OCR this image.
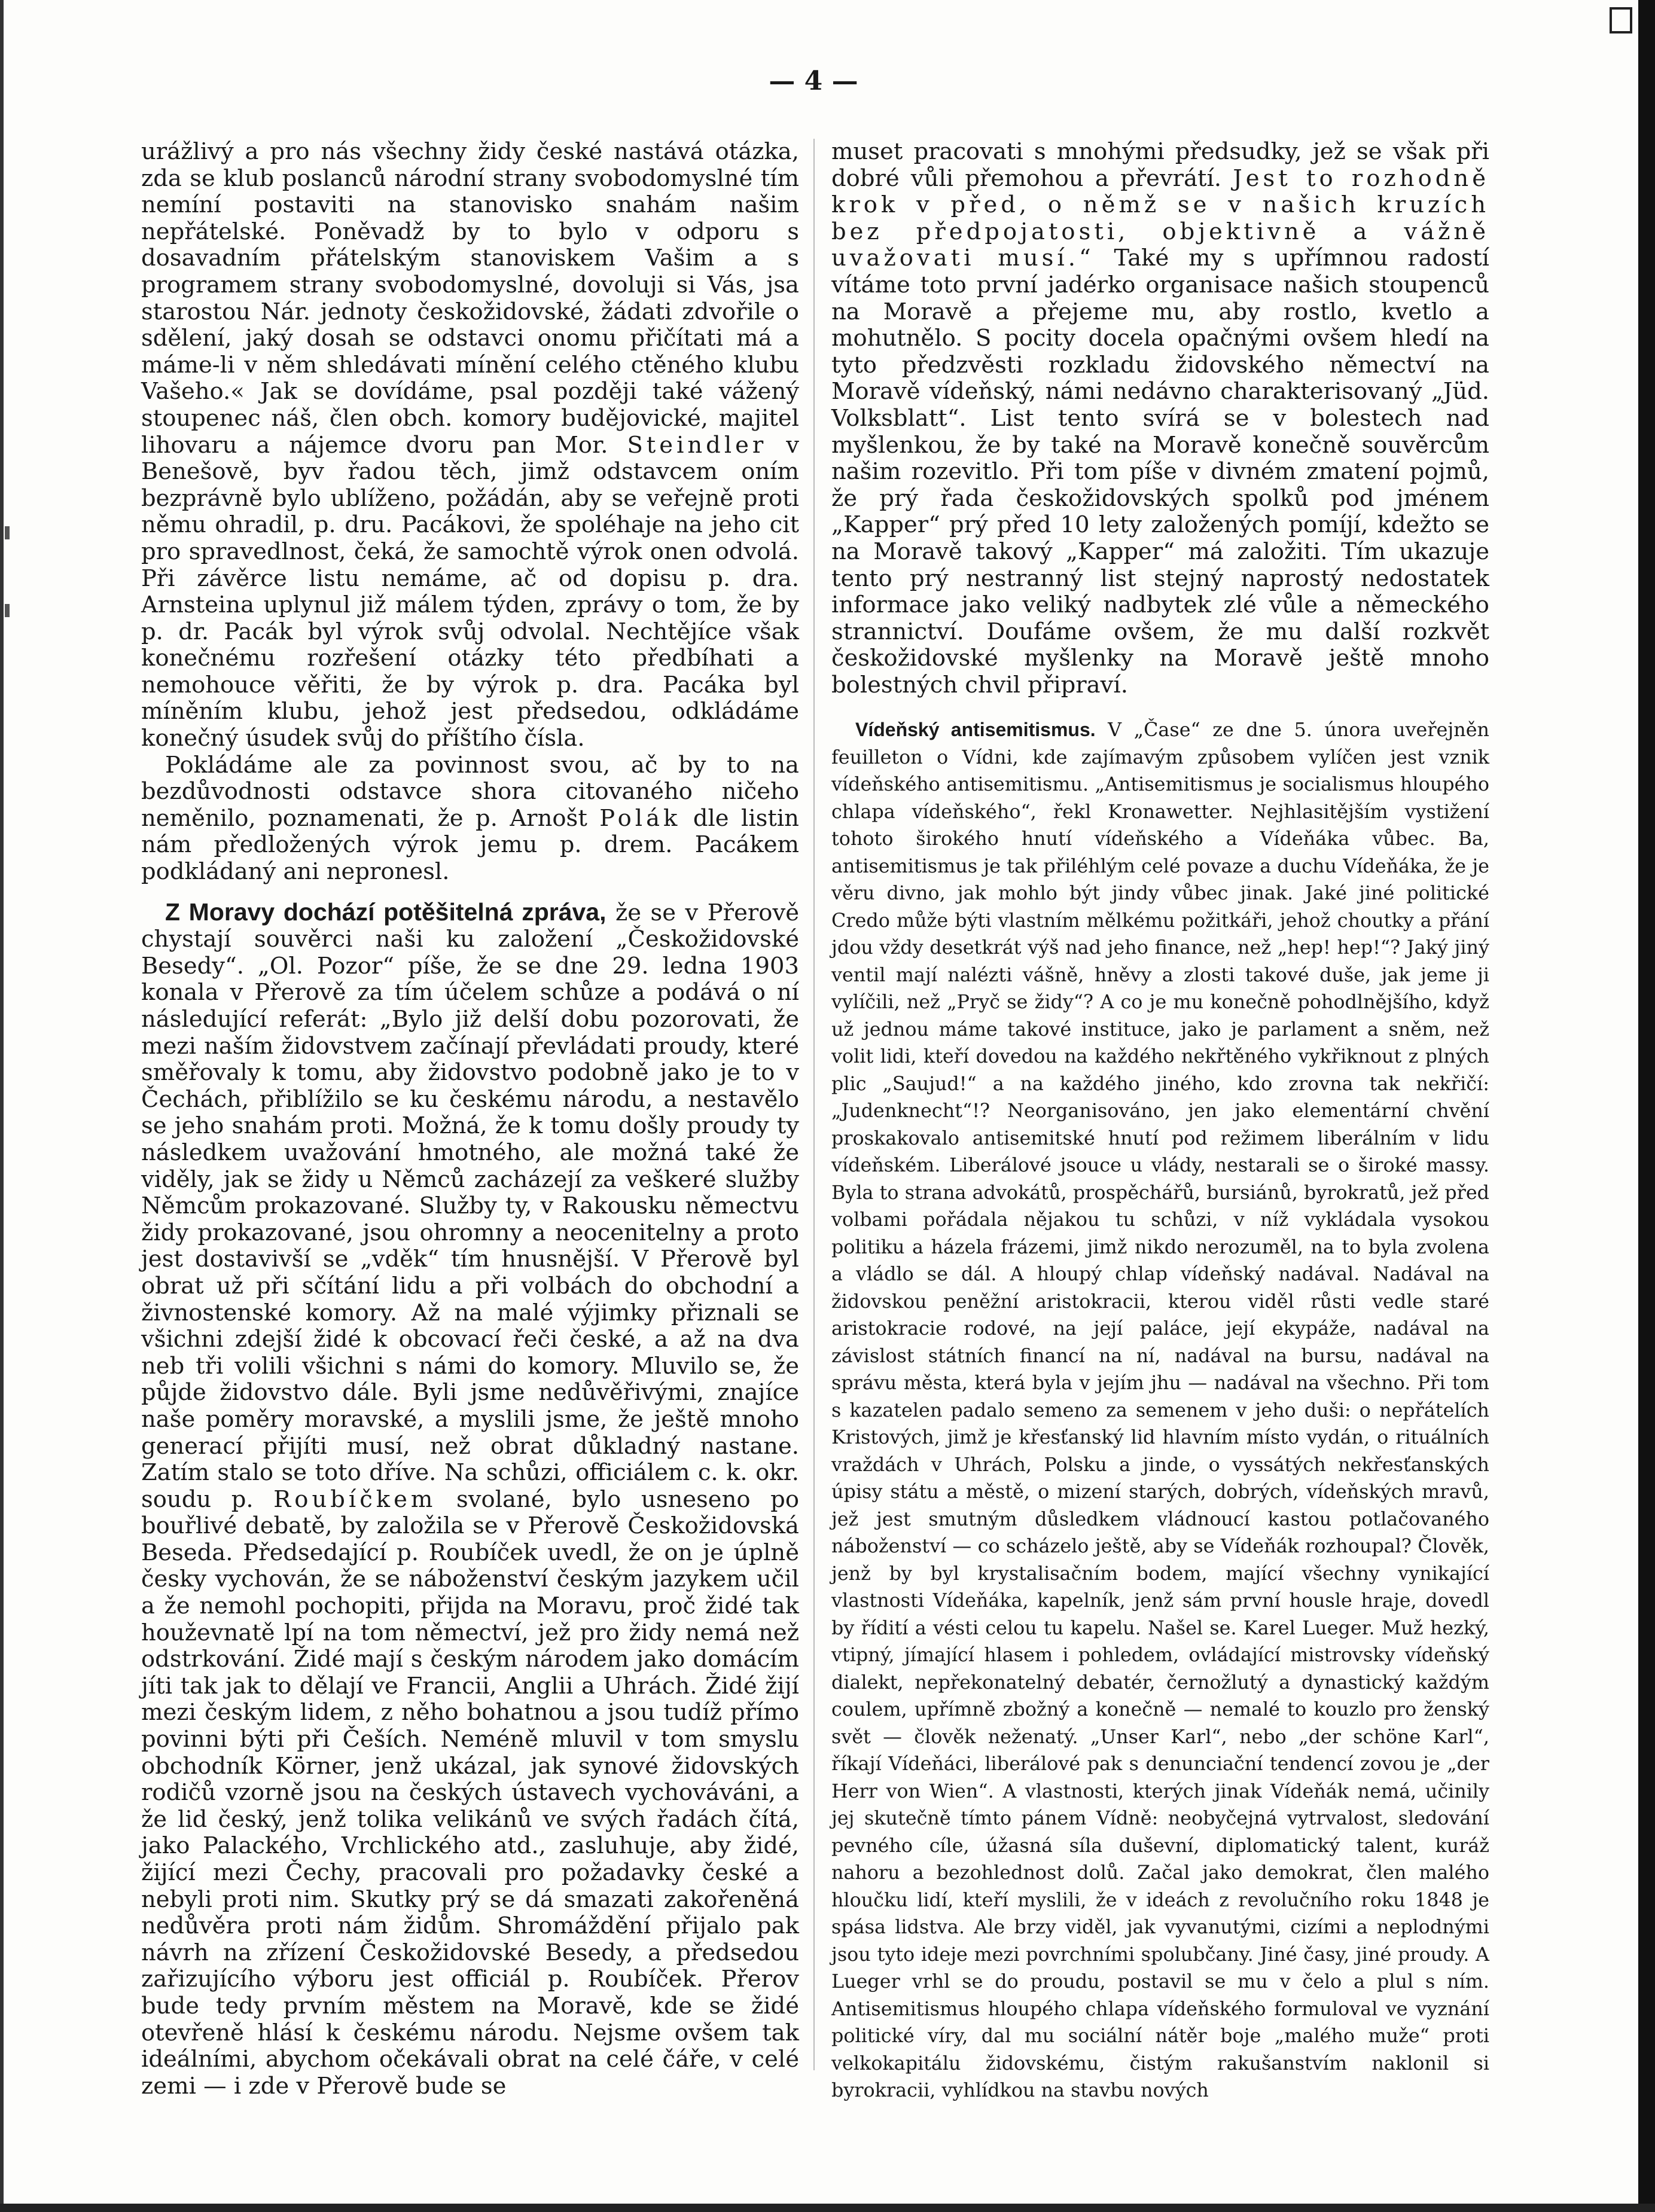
— 4 —

urážlivý a pro nás všechny židy české nastává otázka, zda se klub poslanců národní strany svobodomyslné tím nemíní postaviti na stanovisko snahám našim nepřátelské. Poněvadž by to bylo v odporu s dosavadním přátelským stanoviskem Vašim a s programem strany svobodomyslné, dovoluji si Vás, jsa starostou Nár. jednoty českožidovské, žádati zdvořile o sdělení, jaký dosah se odstavci onomu přičítati má a máme-li v něm shledávati mínění celého ctěného klubu Vašeho.« Jak se dovídáme, psal později také vážený stoupenec náš, člen obch. komory budějovické, majitel lihovaru a nájemce dvoru pan Mor. Steindler v Benešově, byv řadou těch, jimž odstavcem oním bezprávně bylo ublíženo, požádán, aby se veřejně proti němu ohradil, p. dru. Pacákovi, že spoléhaje na jeho cit pro spravedlnost, čeká, že samochtě výrok onen odvolá. Při závěrce listu nemáme, ač od dopisu p. dra. Arnsteina uplynul již málem týden, zprávy o tom, že by p. dr. Pacák byl výrok svůj odvolal. Nechtějíce však konečnému rozřešení otázky této předbíhati a nemohouce věřiti, že by výrok p. dra. Pacáka byl míněním klubu, jehož jest předsedou, odkládáme konečný úsudek svůj do příštího čísla.

Pokládáme ale za povinnost svou, ač by to na bezdůvodnosti odstavce shora citovaného ničeho neměnilo, poznamenati, že p. Arnošt Polák dle listin nám předložených výrok jemu p. drem. Pacákem podkládaný ani nepronesl.

Z Moravy dochází potěšitelná zpráva, že se v Přerově chystají souvěrci naši ku založení „Českožidovské Besedy“. „Ol. Pozor“ píše, že se dne 29. ledna 1903 konala v Přerově za tím účelem schůze a podává o ní následující referát: „Bylo již delší dobu pozorovati, že mezi naším židovstvem začínají převládati proudy, které směřovaly k tomu, aby židovstvo podobně jako je to v Čechách, přiblížilo se ku českému národu, a nestavělo se jeho snahám proti. Možná, že k tomu došly proudy ty následkem uvažování hmotného, ale možná také že viděly, jak se židy u Němců zacházejí za veškeré služby Němcům prokazované. Služby ty, v Rakousku němectvu židy prokazované, jsou ohromny a neocenitelny a proto jest dostavivší se „vděk“ tím hnusnější. V Přerově byl obrat už při sčítání lidu a při volbách do obchodní a živnostenské komory. Až na malé výjimky přiznali se všichni zdejší židé k obcovací řeči české, a až na dva neb tři volili všichni s námi do komory. Mluvilo se, že půjde židovstvo dále. Byli jsme nedůvěřivými, znajíce naše poměry moravské, a myslili jsme, že ještě mnoho generací přijíti musí, než obrat důkladný nastane. Zatím stalo se toto dříve. Na schůzi, officiálem c. k. okr. soudu p. Roubíčkem svolané, bylo usneseno po bouřlivé debatě, by založila se v Přerově Českožidovská Beseda. Předsedající p. Roubíček uvedl, že on je úplně česky vychován, že se náboženství českým jazykem učil a že nemohl pochopiti, přijda na Moravu, proč židé tak houževnatě lpí na tom němectví, jež pro židy nemá než odstrkování. Židé mají s českým národem jako domácím jíti tak jak to dělají ve Francii, Anglii a Uhrách. Židé žijí mezi českým lidem, z něho bohatnou a jsou tudíž přímo povinni býti při Češích. Neméně mluvil v tom smyslu obchodník Körner, jenž ukázal, jak synové židovských rodičů vzorně jsou na českých ústavech vychováváni, a že lid český, jenž tolika velikánů ve svých řadách čítá, jako Palackého, Vrchlického atd., zasluhuje, aby židé, žijící mezi Čechy, pracovali pro požadavky české a nebyli proti nim. Skutky prý se dá smazati zakořeněná nedůvěra proti nám židům. Shromáždění přijalo pak návrh na zřízení Českožidovské Besedy, a předsedou zařizujícího výboru jest officiál p. Roubíček. Přerov bude tedy prvním městem na Moravě, kde se židé otevřeně hlásí k českému národu. Nejsme ovšem tak ideálními, abychom očekávali obrat na celé čáře, v celé zemi — i zde v Přerově bude se

muset pracovati s mnohými předsudky, jež se však při dobré vůli přemohou a převrátí. Jest to rozhodně krok v před, o němž se v našich kruzích bez předpojatosti, objektivně a vážně uvažovati musí.“ Také my s upřímnou radostí vítáme toto první jadérko organisace našich stoupenců na Moravě a přejeme mu, aby rostlo, kvetlo a mohutnělo. S pocity docela opačnými ovšem hledí na tyto předzvěsti rozkladu židovského němectví na Moravě vídeňský, námi nedávno charakterisovaný „Jüd. Volksblatt“. List tento svírá se v bolestech nad myšlenkou, že by také na Moravě konečně souvěrcům našim rozevitlo. Při tom píše v divném zmatení pojmů, že prý řada českožidovských spolků pod jménem „Kapper“ prý před 10 lety založených pomíjí, kdežto se na Moravě takový „Kapper“ má založiti. Tím ukazuje tento prý nestranný list stejný naprostý nedostatek informace jako veliký nadbytek zlé vůle a německého strannictví. Doufáme ovšem, že mu další rozkvět českožidovské myšlenky na Moravě ještě mnoho bolestných chvil připraví.

Vídeňský antisemitismus. V „Čase“ ze dne 5. února uveřejněn feuilleton o Vídni, kde zajímavým způsobem vylíčen jest vznik vídeňského antisemitismu. „Antisemitismus je socialismus hloupého chlapa vídeňského“, řekl Kronawetter. Nejhlasitějším vystižení tohoto širokého hnutí vídeňského a Vídeňáka vůbec. Ba, antisemitismus je tak přiléhlým celé povaze a duchu Vídeňáka, že je věru divno, jak mohlo být jindy vůbec jinak. Jaké jiné politické Credo může býti vlastním mělkému požitkáři, jehož choutky a přání jdou vždy desetkrát výš nad jeho finance, než „hep! hep!“? Jaký jiný ventil mají nalézti vášně, hněvy a zlosti takové duše, jak jeme ji vylíčili, než „Pryč se židy“? A co je mu konečně pohodlnějšího, když už jednou máme takové instituce, jako je parlament a sněm, než volit lidi, kteří dovedou na každého nekřtěného vykřiknout z plných plic „Saujud!“ a na každého jiného, kdo zrovna tak nekřičí: „Judenknecht“!? Neorganisováno, jen jako elementární chvění proskakovalo antisemitské hnutí pod režimem liberálním v lidu vídeňském. Liberálové jsouce u vlády, nestarali se o široké massy. Byla to strana advokátů, prospěchářů, bursiánů, byrokratů, jež před volbami pořádala nějakou tu schůzi, v níž vykládala vysokou politiku a házela frázemi, jimž nikdo nerozuměl, na to byla zvolena a vládlo se dál. A hloupý chlap vídeňský nadával. Nadával na židovskou peněžní aristokracii, kterou viděl růsti vedle staré aristokracie rodové, na její paláce, její ekypáže, nadával na závislost státních financí na ní, nadával na bursu, nadával na správu města, která byla v jejím jhu — nadával na všechno. Při tom s kazatelen padalo semeno za semenem v jeho duši: o nepřátelích Kristových, jimž je křesťanský lid hlavním místo vydán, o rituálních vraždách v Uhrách, Polsku a jinde, o vyssátých nekřesťanských úpisy státu a městě, o mizení starých, dobrých, vídeňských mravů, jež jest smutným důsledkem vládnoucí kastou potlačovaného náboženství — co scházelo ještě, aby se Vídeňák rozhoupal? Člověk, jenž by byl krystalisačním bodem, mající všechny vynikající vlastnosti Vídeňáka, kapelník, jenž sám první housle hraje, dovedl by řídití a vésti celou tu kapelu. Našel se. Karel Lueger. Muž hezký, vtipný, jímající hlasem i pohledem, ovládající mistrovsky vídeňský dialekt, nepřekonatelný debatér, černožlutý a dynastický každým coulem, upřímně zbožný a konečně — nemalé to kouzlo pro ženský svět — člověk neženatý. „Unser Karl“, nebo „der schöne Karl“, říkají Vídeňáci, liberálové pak s denunciační tendencí zovou je „der Herr von Wien“. A vlastnosti, kterých jinak Vídeňák nemá, učinily jej skutečně tímto pánem Vídně: neobyčejná vytrvalost, sledování pevného cíle, úžasná síla duševní, diplomatický talent, kuráž nahoru a bezohlednost dolů. Začal jako demokrat, člen malého hloučku lidí, kteří myslili, že v ideách z revolučního roku 1848 je spása lidstva. Ale brzy viděl, jak vyvanutými, cizími a neplodnými jsou tyto ideje mezi povrchními spolubčany. Jiné časy, jiné proudy. A Lueger vrhl se do proudu, postavil se mu v čelo a plul s ním. Antisemitismus hloupého chlapa vídeňského formuloval ve vyznání politické víry, dal mu sociální nátěr boje „malého muže“ proti velkokapitálu židovskému, čistým rakušanstvím naklonil si byrokracii, vyhlídkou na stavbu nových
